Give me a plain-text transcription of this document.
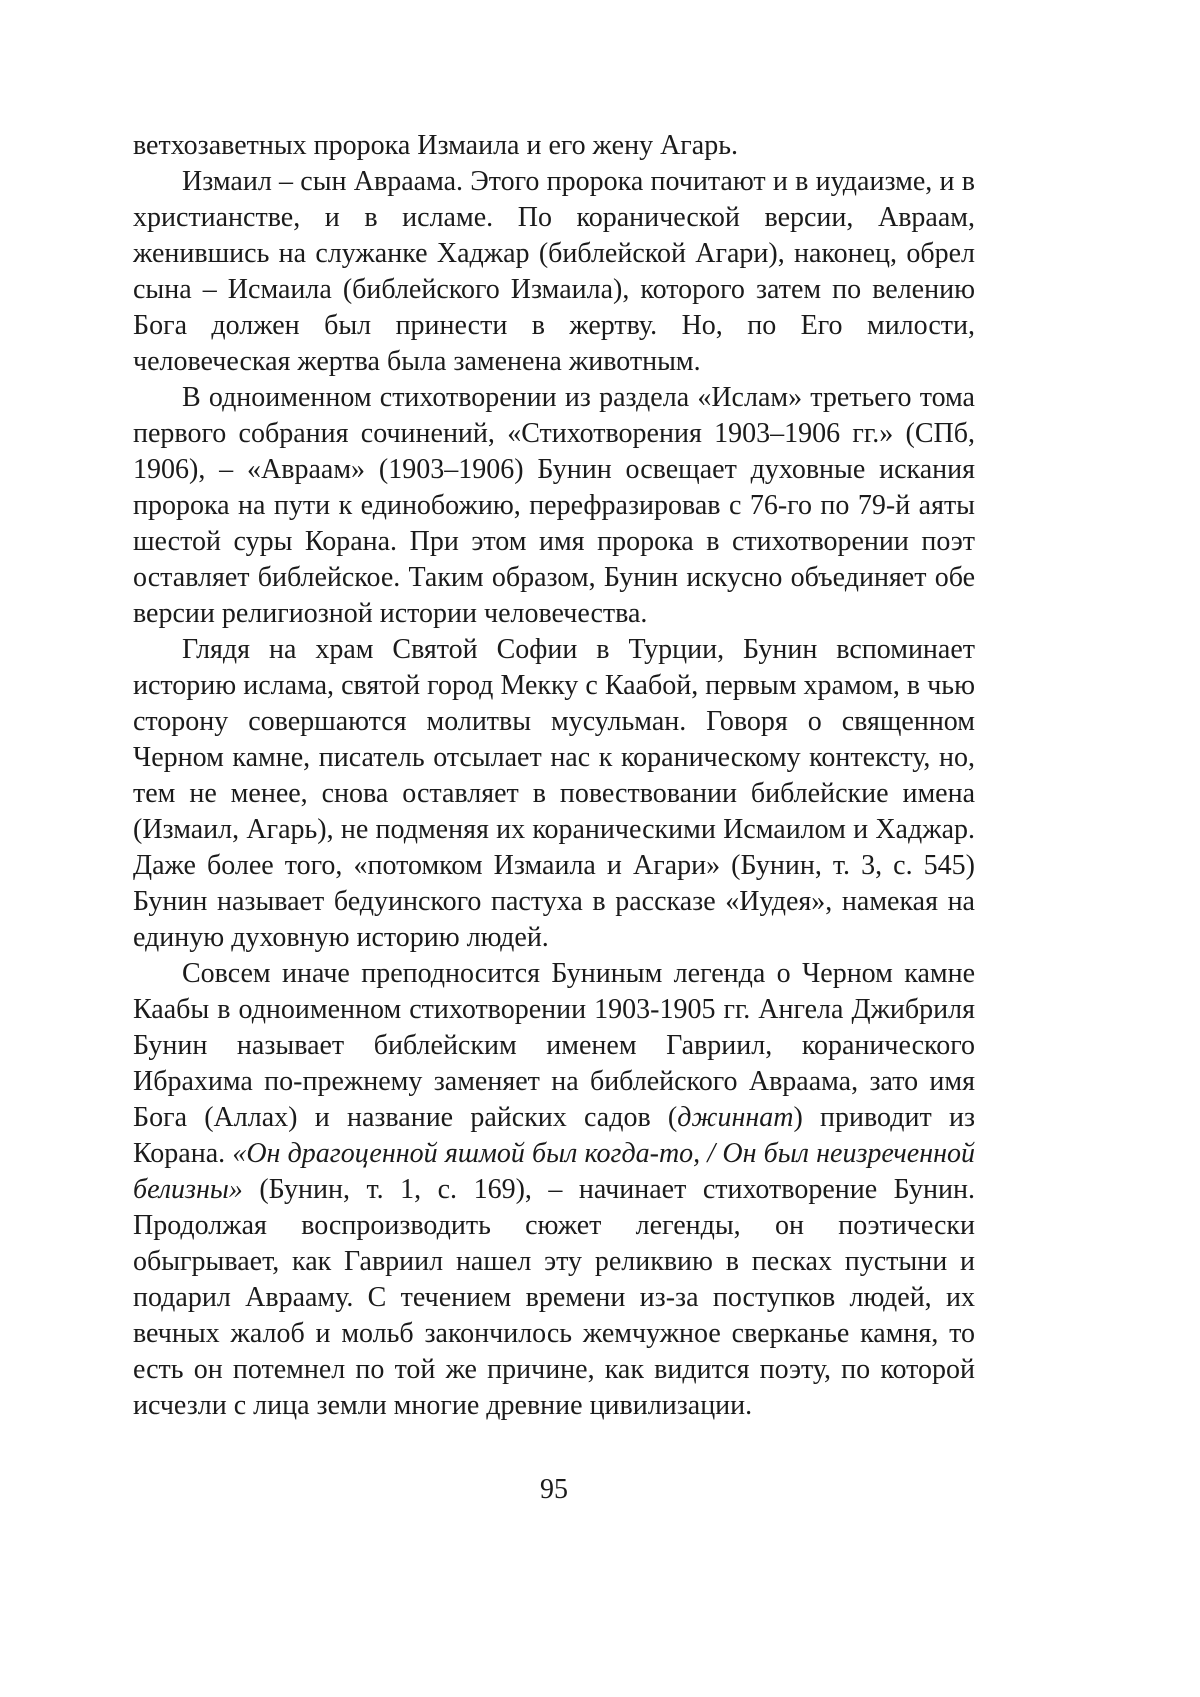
ветхозаветных пророка Измаила и его жену Агарь.

Измаил – сын Авраама. Этого пророка почитают и в иудаизме, и в христианстве, и в исламе. По коранической версии, Авраам, женившись на служанке Хаджар (библейской Агари), наконец, обрел сына – Исмаила (библейского Измаила), которого затем по велению Бога должен был принести в жертву. Но, по Его милости, человеческая жертва была заменена животным.

В одноименном стихотворении из раздела «Ислам» третьего тома первого собрания сочинений, «Стихотворения 1903–1906 гг.» (СПб, 1906), – «Авраам» (1903–1906) Бунин освещает духовные искания пророка на пути к единобожию, перефразировав с 76-го по 79-й аяты шестой суры Корана. При этом имя пророка в стихотворении поэт оставляет библейское. Таким образом, Бунин искусно объединяет обе версии религиозной истории человечества.

Глядя на храм Святой Софии в Турции, Бунин вспоминает историю ислама, святой город Мекку с Каабой, первым храмом, в чью сторону совершаются молитвы мусульман. Говоря о священном Черном камне, писатель отсылает нас к кораническому контексту, но, тем не менее, снова оставляет в повествовании библейские имена (Измаил, Агарь), не подменяя их кораническими Исмаилом и Хаджар. Даже более того, «потомком Измаила и Агари» (Бунин, т. 3, с. 545) Бунин называет бедуинского пастуха в рассказе «Иудея», намекая на единую духовную историю людей.

Совсем иначе преподносится Буниным легенда о Черном камне Каабы в одноименном стихотворении 1903-1905 гг. Ангела Джибриля Бунин называет библейским именем Гавриил, коранического Ибрахима по-прежнему заменяет на библейского Авраама, зато имя Бога (Аллах) и название райских садов (джиннат) приводит из Корана. «Он драгоценной яшмой был когда-то, / Он был неизреченной белизны» (Бунин, т. 1, с. 169), – начинает стихотворение Бунин. Продолжая воспроизводить сюжет легенды, он поэтически обыгрывает, как Гавриил нашел эту реликвию в песках пустыни и подарил Аврааму. С течением времени из-за поступков людей, их вечных жалоб и мольб закончилось жемчужное сверканье камня, то есть он потемнел по той же причине, как видится поэту, по которой исчезли с лица земли многие древние цивилизации.

95
